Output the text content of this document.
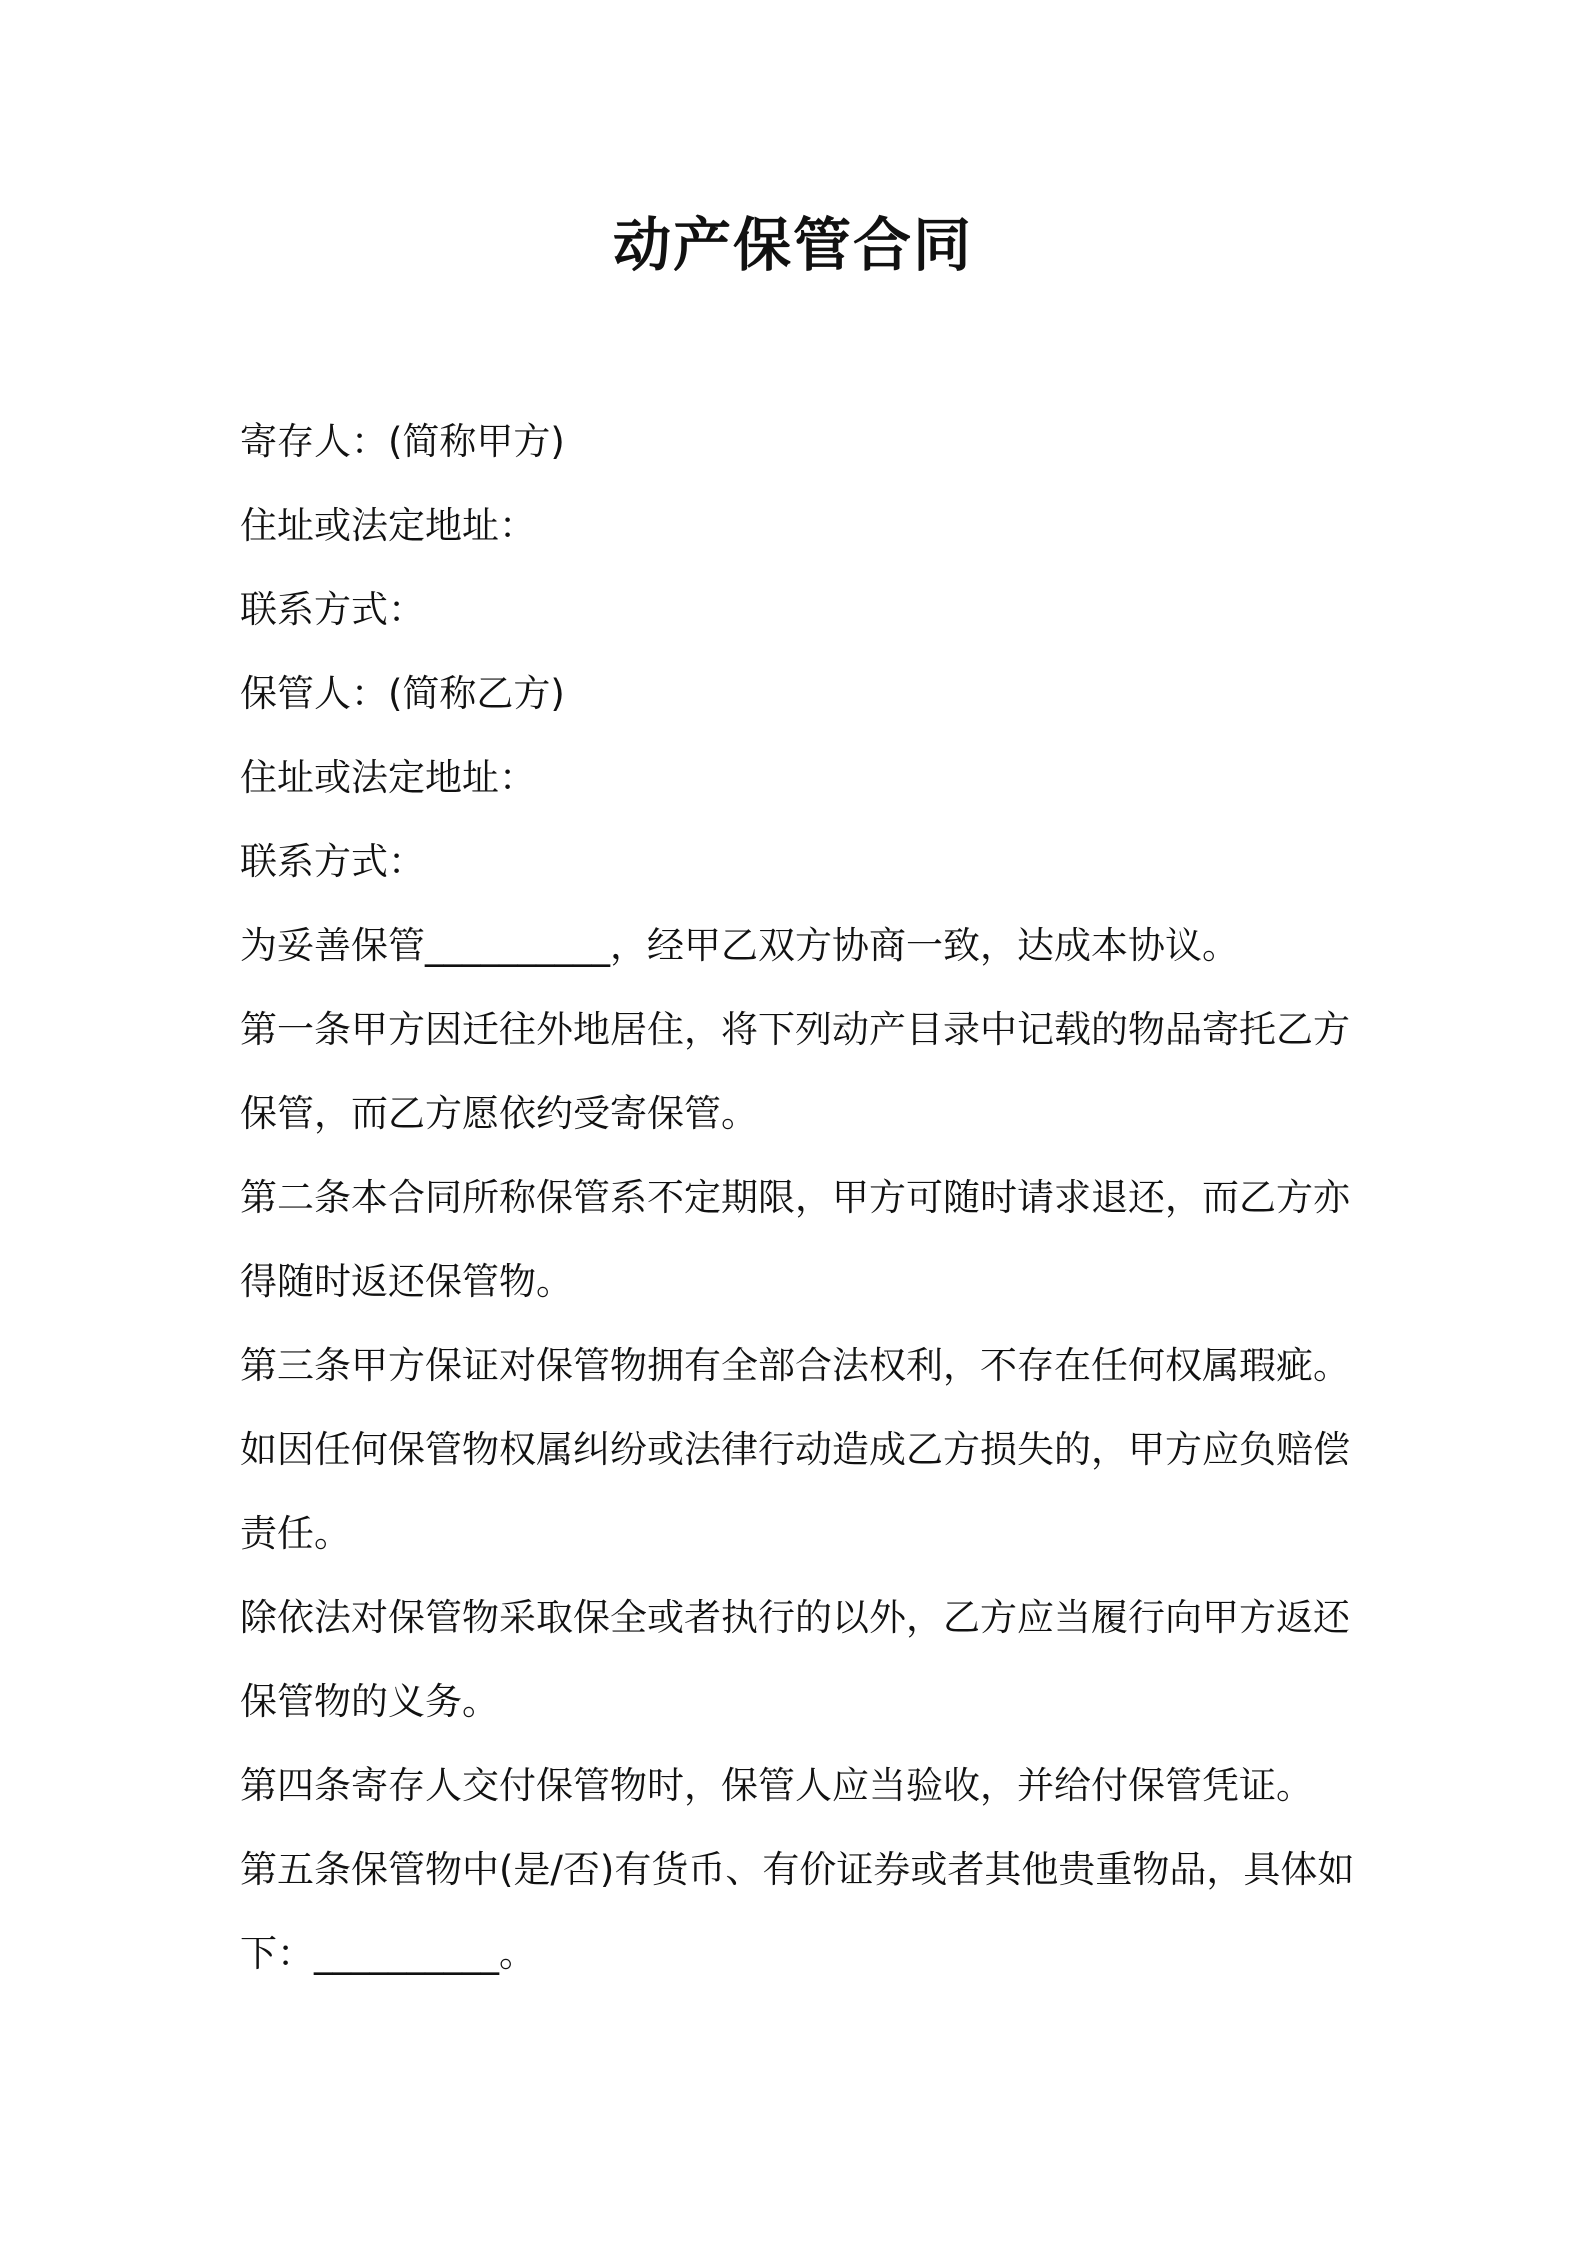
动产保管合同
寄存人：(简称甲方)
住址或法定地址：
联系方式：
保管人：(简称乙方)
住址或法定地址：
联系方式：
为妥善保管__________，经甲乙双方协商一致，达成本协议。
第一条甲方因迁往外地居住，将下列动产目录中记载的物品寄托乙方
保管，而乙方愿依约受寄保管。
第二条本合同所称保管系不定期限，甲方可随时请求退还，而乙方亦
得随时返还保管物。
第三条甲方保证对保管物拥有全部合法权利，不存在任何权属瑕疵。
如因任何保管物权属纠纷或法律行动造成乙方损失的，甲方应负赔偿
责任。
除依法对保管物采取保全或者执行的以外，乙方应当履行向甲方返还
保管物的义务。
第四条寄存人交付保管物时，保管人应当验收，并给付保管凭证。
第五条保管物中(是/否)有货币、有价证券或者其他贵重物品，具体如
下：__________。
